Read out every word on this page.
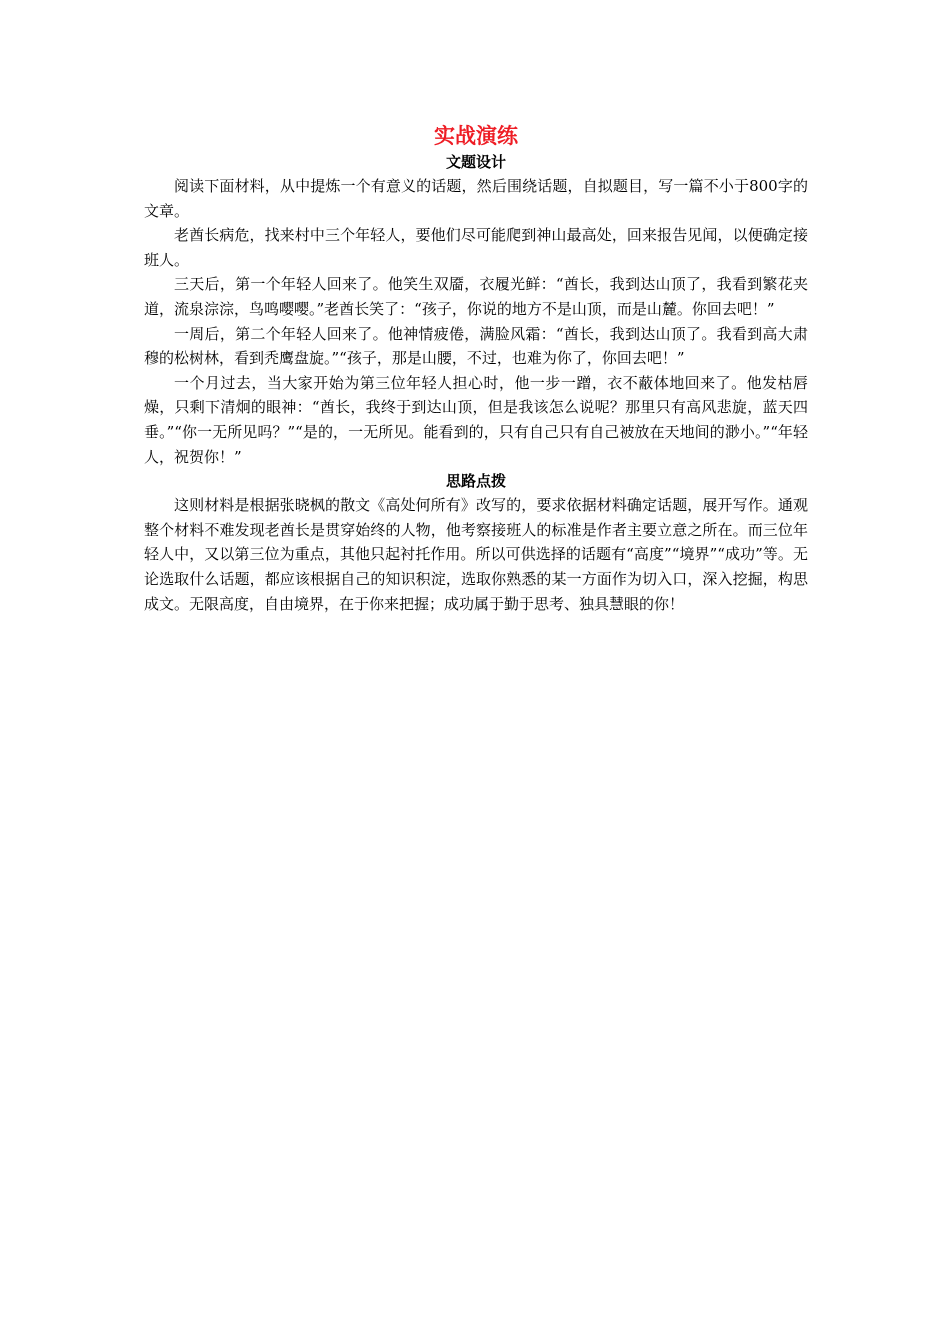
实战演练
文题设计

阅读下面材料，从中提炼一个有意义的话题，然后围绕话题，自拟题目，写一篇不小于800字的文章。

老酋长病危，找来村中三个年轻人，要他们尽可能爬到神山最高处，回来报告见闻，以便确定接班人。

三天后，第一个年轻人回来了。他笑生双靥，衣履光鲜：“酋长，我到达山顶了，我看到繁花夹道，流泉淙淙，鸟鸣嘤嘤。”老酋长笑了：“孩子，你说的地方不是山顶，而是山麓。你回去吧！”

一周后，第二个年轻人回来了。他神情疲倦，满脸风霜：“酋长，我到达山顶了。我看到高大肃穆的松树林，看到秃鹰盘旋。”“孩子，那是山腰，不过，也难为你了，你回去吧！”

一个月过去，当大家开始为第三位年轻人担心时，他一步一蹭，衣不蔽体地回来了。他发枯唇燥，只剩下清炯的眼神：“酋长，我终于到达山顶，但是我该怎么说呢？那里只有高风悲旋，蓝天四垂。”“你一无所见吗？”“是的，一无所见。能看到的，只有自己只有自己被放在天地间的渺小。”“年轻人，祝贺你！”

思路点拨

这则材料是根据张晓枫的散文《高处何所有》改写的，要求依据材料确定话题，展开写作。通观整个材料不难发现老酋长是贯穿始终的人物，他考察接班人的标准是作者主要立意之所在。而三位年轻人中，又以第三位为重点，其他只起衬托作用。所以可供选择的话题有“高度”“境界”“成功”等。无论选取什么话题，都应该根据自己的知识积淀，选取你熟悉的某一方面作为切入口，深入挖掘，构思成文。无限高度，自由境界，在于你来把握；成功属于勤于思考、独具慧眼的你！
